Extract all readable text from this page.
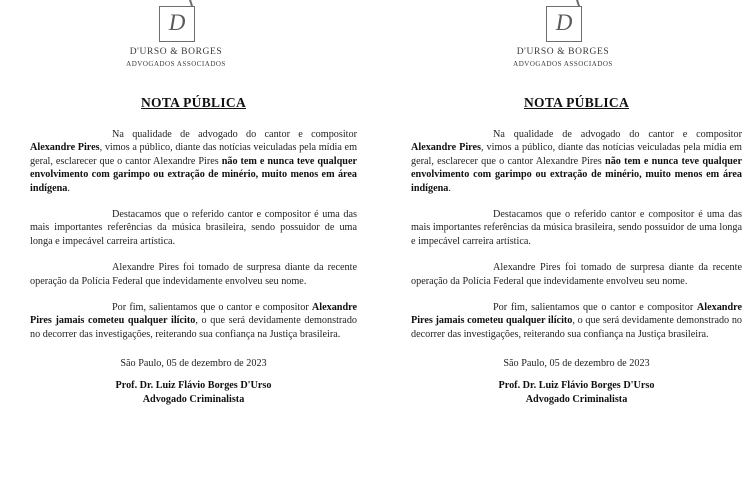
D
D'URSO & BORGES
ADVOGADOS ASSOCIADOS
NOTA PÚBLICA

Na qualidade de advogado do cantor e compositor Alexandre Pires, vimos a público, diante das notícias veiculadas pela mídia em geral, esclarecer que o cantor Alexandre Pires não tem e nunca teve qualquer envolvimento com garimpo ou extração de minério, muito menos em área indígena.

Destacamos que o referido cantor e compositor é uma das mais importantes referências da música brasileira, sendo possuidor de uma longa e impecável carreira artística.

Alexandre Pires foi tomado de surpresa diante da recente operação da Polícia Federal que indevidamente envolveu seu nome.

Por fim, salientamos que o cantor e compositor Alexandre Pires jamais cometeu qualquer ilícito, o que será devidamente demonstrado no decorrer das investigações, reiterando sua confiança na Justiça brasileira.

São Paulo, 05 de dezembro de 2023
Prof. Dr. Luiz Flávio Borges D'Urso
Advogado Criminalista
D
D'URSO & BORGES
ADVOGADOS ASSOCIADOS
NOTA PÚBLICA

Na qualidade de advogado do cantor e compositor Alexandre Pires, vimos a público, diante das notícias veiculadas pela mídia em geral, esclarecer que o cantor Alexandre Pires não tem e nunca teve qualquer envolvimento com garimpo ou extração de minério, muito menos em área indígena.

Destacamos que o referido cantor e compositor é uma das mais importantes referências da música brasileira, sendo possuidor de uma longa e impecável carreira artística.

Alexandre Pires foi tomado de surpresa diante da recente operação da Polícia Federal que indevidamente envolveu seu nome.

Por fim, salientamos que o cantor e compositor Alexandre Pires jamais cometeu qualquer ilícito, o que será devidamente demonstrado no decorrer das investigações, reiterando sua confiança na Justiça brasileira.

São Paulo, 05 de dezembro de 2023
Prof. Dr. Luiz Flávio Borges D'Urso
Advogado Criminalista
